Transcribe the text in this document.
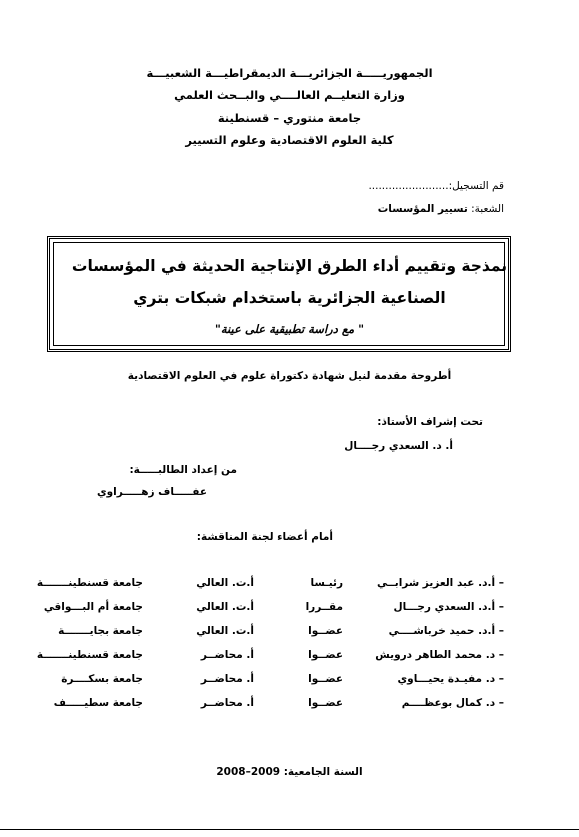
الجمهوريـــــة الجزائريـــة الديمقراطيـــة الشعبيـــة
وزارة التعليــم العالــــي والبــحث العلمي
جامعة منتوري – قسنطينة
كلية العلوم الاقتصادية وعلوم التسيير
قم التسجيل:........................
الشعبة: تسيير المؤسسات
نمذجة وتقييم أداء الطرق الإنتاجية الحديثة في المؤسسات
الصناعية الجزائرية باستخدام شبكات بتري
" مع دراسة تطبيقية على عينة"
أطروحة مقدمة لنيل شهادة دكتوراة علوم في العلوم الاقتصادية
تحت إشراف الأستاذ:
أ. د. السعدي رجــــال
من إعداد الطالبـــــة:
عفـــــاف زهـــــراوي
أمام أعضاء لجنة المناقشة:
– أ.د. عبد العزيز شرابــي
رئيـسا
أ.ت. العالي
جامعة قسنطينـــــــة
– أ.د. السعدي رجـــال
مقــررا
أ.ت. العالي
جامعة أم البـــواقي
– أ.د. حميد خرباشــــي
عضــوا
أ.ت. العالي
جامعة بجايـــــــة
– د. محمد الطاهر درويش
عضــوا
أ. محاضــر
جامعة قسنطينـــــــة
– د. مفيـدة يحيـــاوي
عضــوا
أ. محاضــر
جامعة بسكــــرة
– د. كمال بوعظــــم
عضــوا
أ. محاضــر
جامعة سطيـــــف
السنة الجامعية: 2008–2009
